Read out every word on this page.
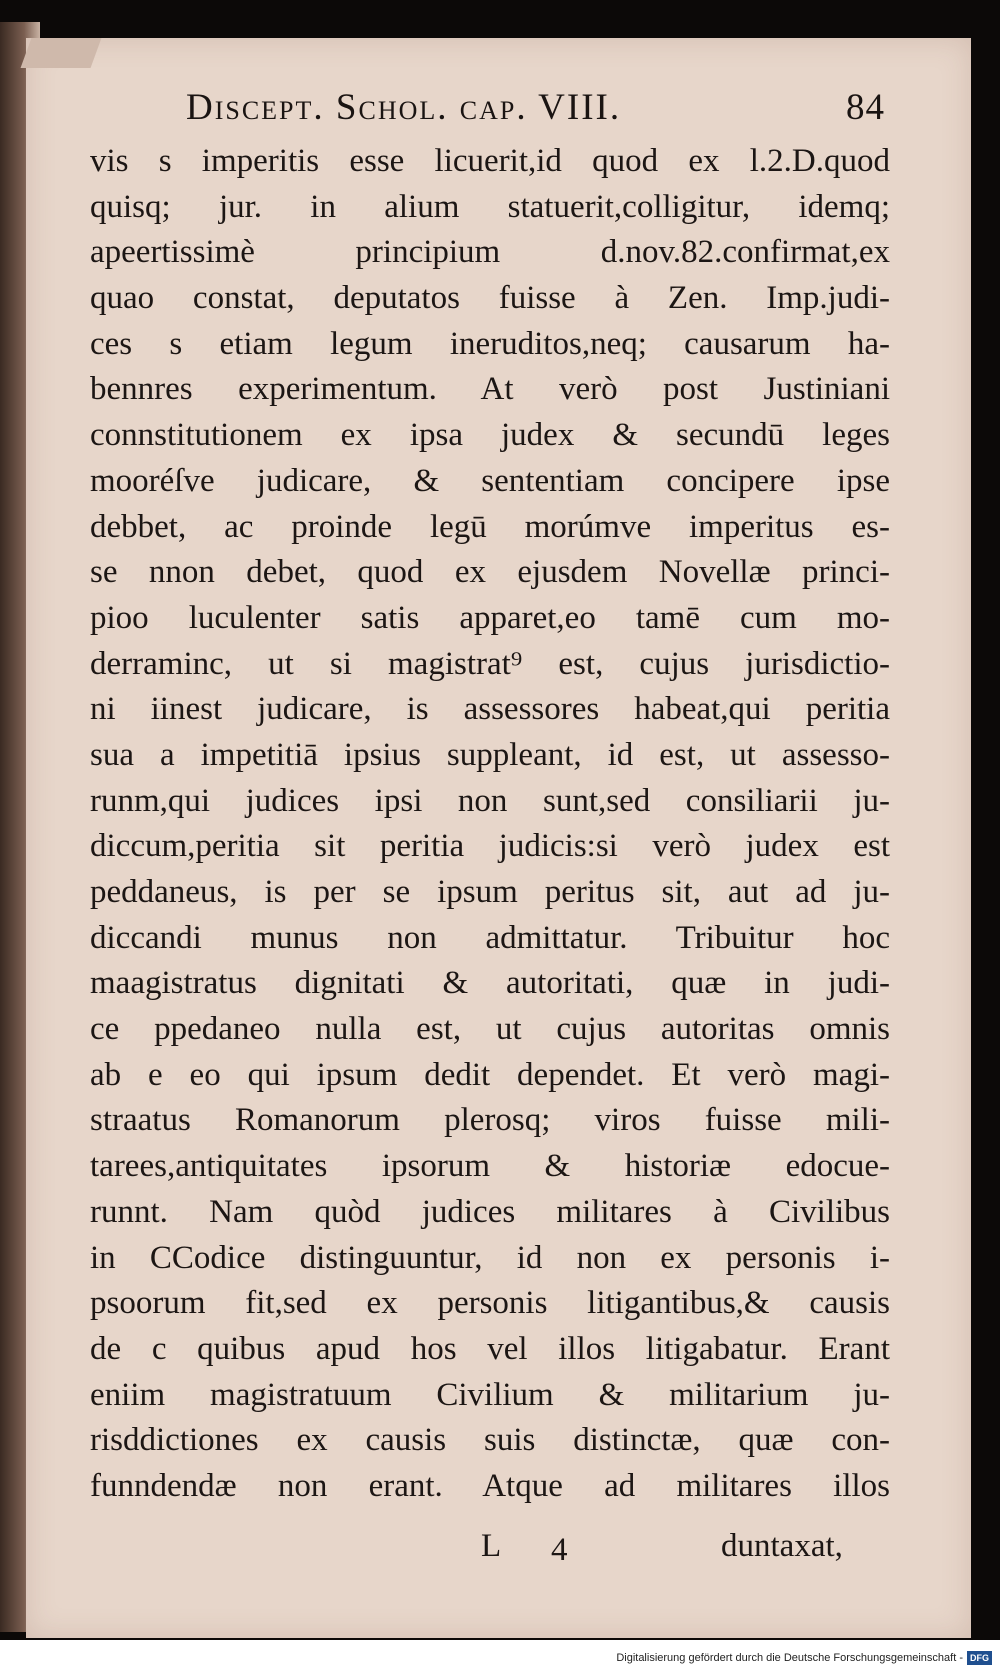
Discept. Schol. cap. VIII.	84
vis s imperitis esse licuerit,id quod ex l.2.D.quod
quisq; jur. in alium statuerit,colligitur, idemq;
apeertissimè principium d.nov.82.confirmat,ex
quao constat, deputatos fuisse à Zen. Imp.judi-
ces s etiam legum ineruditos,neq; causarum ha-
bennres experimentum. At verò post Justiniani
connstitutionem ex ipsa judex & secundū leges
mooréſve judicare, & sententiam concipere ipse
debbet, ac proinde legū morúmve imperitus es-
se nnon debet, quod ex ejusdem Novellæ princi-
pioo luculenter satis apparet,eo tamē cum mo-
derraminc, ut si magistrat⁹ est, cujus jurisdictio-
ni iinest judicare, is assessores habeat,qui peritia
sua a impetitiā ipsius suppleant, id est, ut assesso-
runm,qui judices ipsi non sunt,sed consiliarii ju-
diccum,peritia sit peritia judicis:si verò judex est
peddaneus, is per se ipsum peritus sit, aut ad ju-
diccandi munus non admittatur. Tribuitur hoc
maagistratus dignitati & autoritati, quæ in judi-
ce ppedaneo nulla est, ut cujus autoritas omnis
ab e eo qui ipsum dedit dependet. Et verò magi-
straatus Romanorum plerosq; viros fuisse mili-
tarees,antiquitates ipsorum & historiæ edocue-
runnt. Nam quòd judices militares à Civilibus
in CCodice distinguuntur, id non ex personis i-
psoorum fit,sed ex personis litigantibus,& causis
de c quibus apud hos vel illos litigabatur. Erant
eniim magistratuum Civilium & militarium ju-
risddictiones ex causis suis distinctæ, quæ con-
funndendæ non erant. Atque ad militares illos
L 4	duntaxat,
Digitalisierung gefördert durch die Deutsche Forschungsgemeinschaft - DFG
